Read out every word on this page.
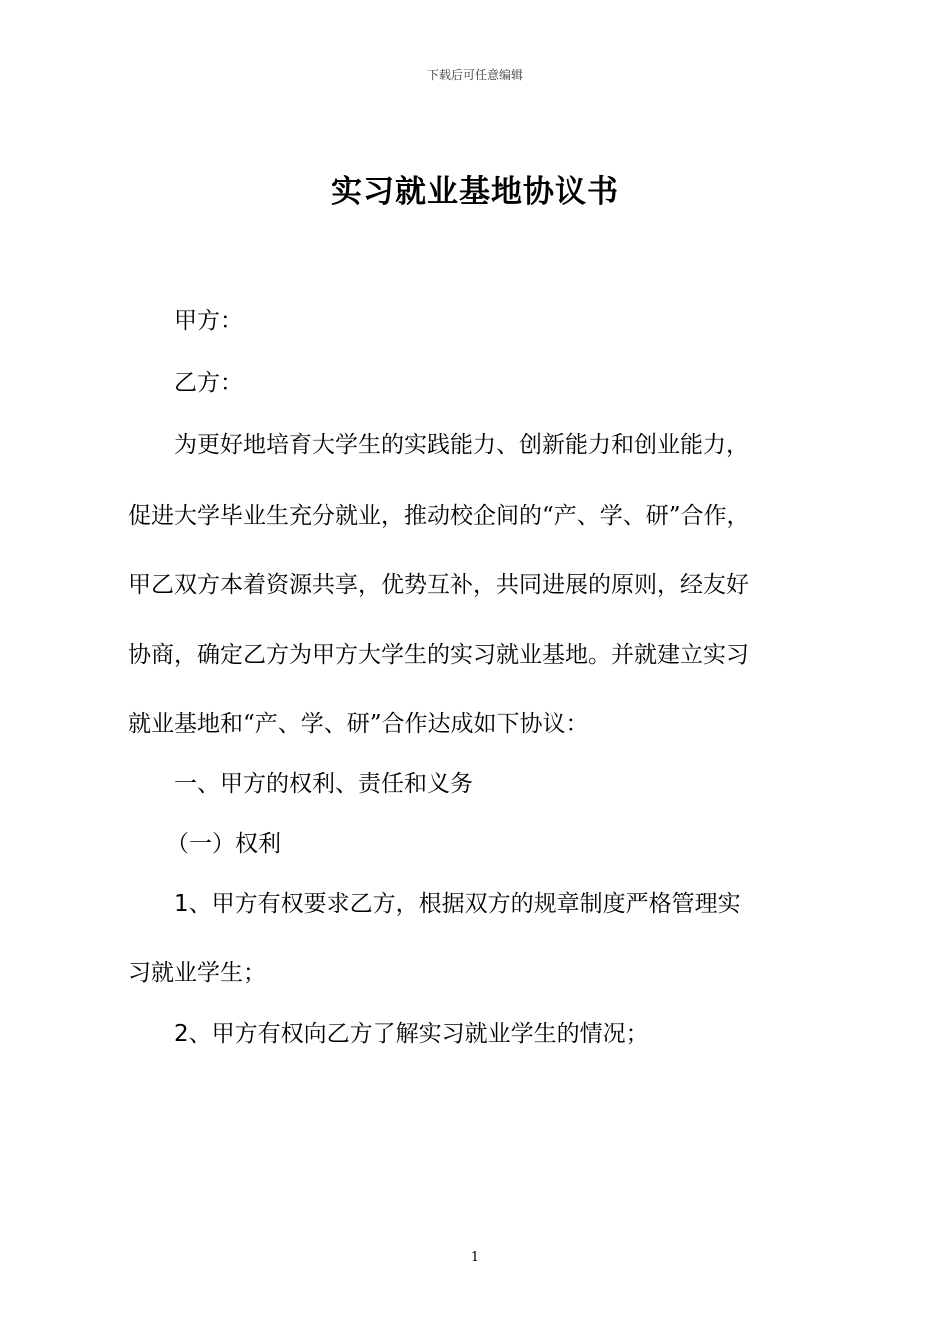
下载后可任意编辑
实习就业基地协议书
甲方：
乙方：
为更好地培育大学生的实践能力、创新能力和创业能力，
促进大学毕业生充分就业，推动校企间的“产、学、研”合作，
甲乙双方本着资源共享，优势互补，共同进展的原则，经友好
协商，确定乙方为甲方大学生的实习就业基地。并就建立实习
就业基地和“产、学、研”合作达成如下协议：
一、甲方的权利、责任和义务
（一）权利
1、甲方有权要求乙方，根据双方的规章制度严格管理实
习就业学生；
2、甲方有权向乙方了解实习就业学生的情况；
1
